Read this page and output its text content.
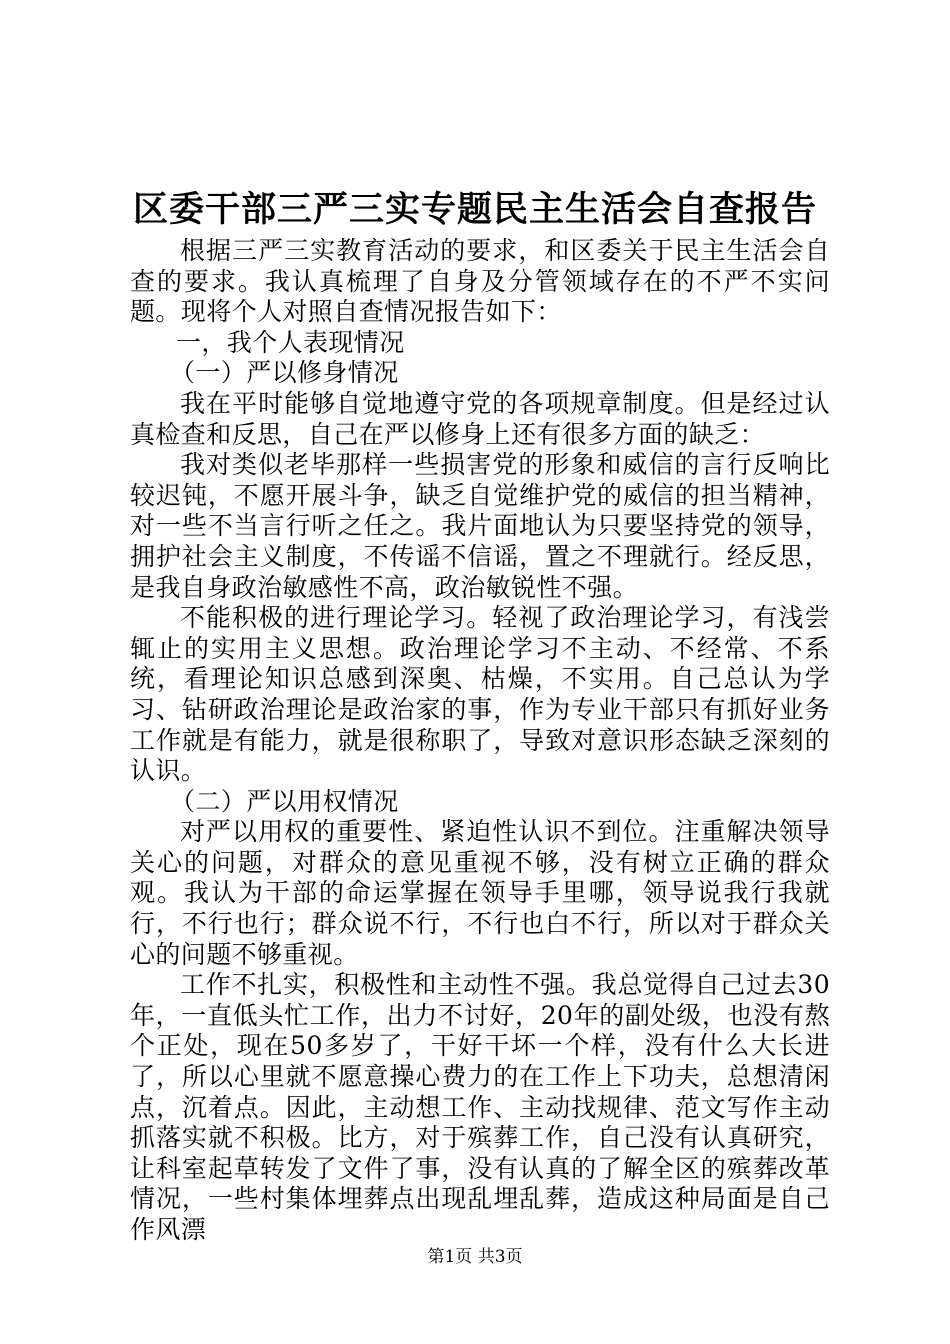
区委干部三严三实专题民主生活会自查报告

根据三严三实教育活动的要求，和区委关于民主生活会自查的要求。我认真梳理了自身及分管领域存在的不严不实问题。现将个人对照自查情况报告如下：

一，我个人表现情况

（一）严以修身情况

我在平时能够自觉地遵守党的各项规章制度。但是经过认真检查和反思，自己在严以修身上还有很多方面的缺乏：

我对类似老毕那样一些损害党的形象和威信的言行反响比较迟钝，不愿开展斗争，缺乏自觉维护党的威信的担当精神，对一些不当言行听之任之。我片面地认为只要坚持党的领导，拥护社会主义制度，不传谣不信谣，置之不理就行。经反思，是我自身政治敏感性不高，政治敏锐性不强。

不能积极的进行理论学习。轻视了政治理论学习，有浅尝辄止的实用主义思想。政治理论学习不主动、不经常、不系统，看理论知识总感到深奥、枯燥，不实用。自己总认为学习、钻研政治理论是政治家的事，作为专业干部只有抓好业务工作就是有能力，就是很称职了，导致对意识形态缺乏深刻的认识。

（二）严以用权情况

对严以用权的重要性、紧迫性认识不到位。注重解决领导关心的问题，对群众的意见重视不够，没有树立正确的群众观。我认为干部的命运掌握在领导手里哪，领导说我行我就行，不行也行；群众说不行，不行也白不行，所以对于群众关心的问题不够重视。

工作不扎实，积极性和主动性不强。我总觉得自己过去30年，一直低头忙工作，出力不讨好，20年的副处级，也没有熬个正处，现在50多岁了，干好干坏一个样，没有什么大长进了，所以心里就不愿意操心费力的在工作上下功夫，总想清闲点，沉着点。因此，主动想工作、主动找规律、范文写作主动抓落实就不积极。比方，对于殡葬工作，自己没有认真研究，让科室起草转发了文件了事，没有认真的了解全区的殡葬改革情况，一些村集体埋葬点出现乱埋乱葬，造成这种局面是自己作风漂

第1页 共3页
